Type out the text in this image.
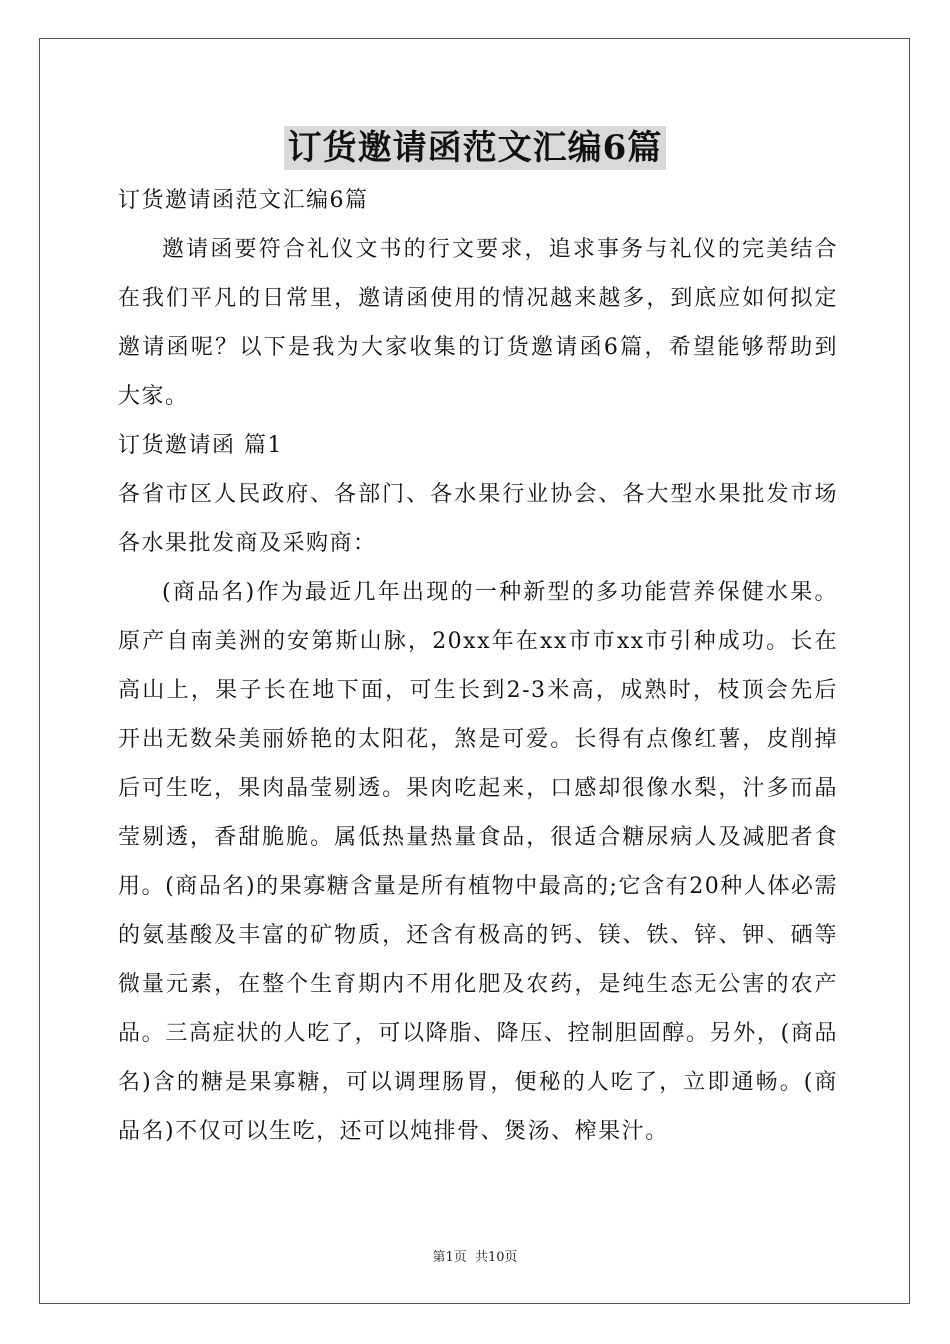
订货邀请函范文汇编6篇

订货邀请函范文汇编6篇

邀请函要符合礼仪文书的行文要求，追求事务与礼仪的完美结合在我们平凡的日常里，邀请函使用的情况越来越多，到底应如何拟定邀请函呢？以下是我为大家收集的订货邀请函6篇，希望能够帮助到大家。

订货邀请函 篇1

各省市区人民政府、各部门、各水果行业协会、各大型水果批发市场各水果批发商及采购商：

(商品名)作为最近几年出现的一种新型的多功能营养保健水果。原产自南美洲的安第斯山脉，20xx年在xx市市xx市引种成功。长在高山上，果子长在地下面，可生长到2-3米高，成熟时，枝顶会先后开出无数朵美丽娇艳的太阳花，煞是可爱。长得有点像红薯，皮削掉后可生吃，果肉晶莹剔透。果肉吃起来，口感却很像水梨，汁多而晶莹剔透，香甜脆脆。属低热量热量食品，很适合糖尿病人及减肥者食用。(商品名)的果寡糖含量是所有植物中最高的;它含有20种人体必需的氨基酸及丰富的矿物质，还含有极高的钙、镁、铁、锌、钾、硒等微量元素，在整个生育期内不用化肥及农药，是纯生态无公害的农产品。三高症状的人吃了，可以降脂、降压、控制胆固醇。另外，(商品名)含的糖是果寡糖，可以调理肠胃，便秘的人吃了，立即通畅。(商品名)不仅可以生吃，还可以炖排骨、煲汤、榨果汁。

第1页 共10页
